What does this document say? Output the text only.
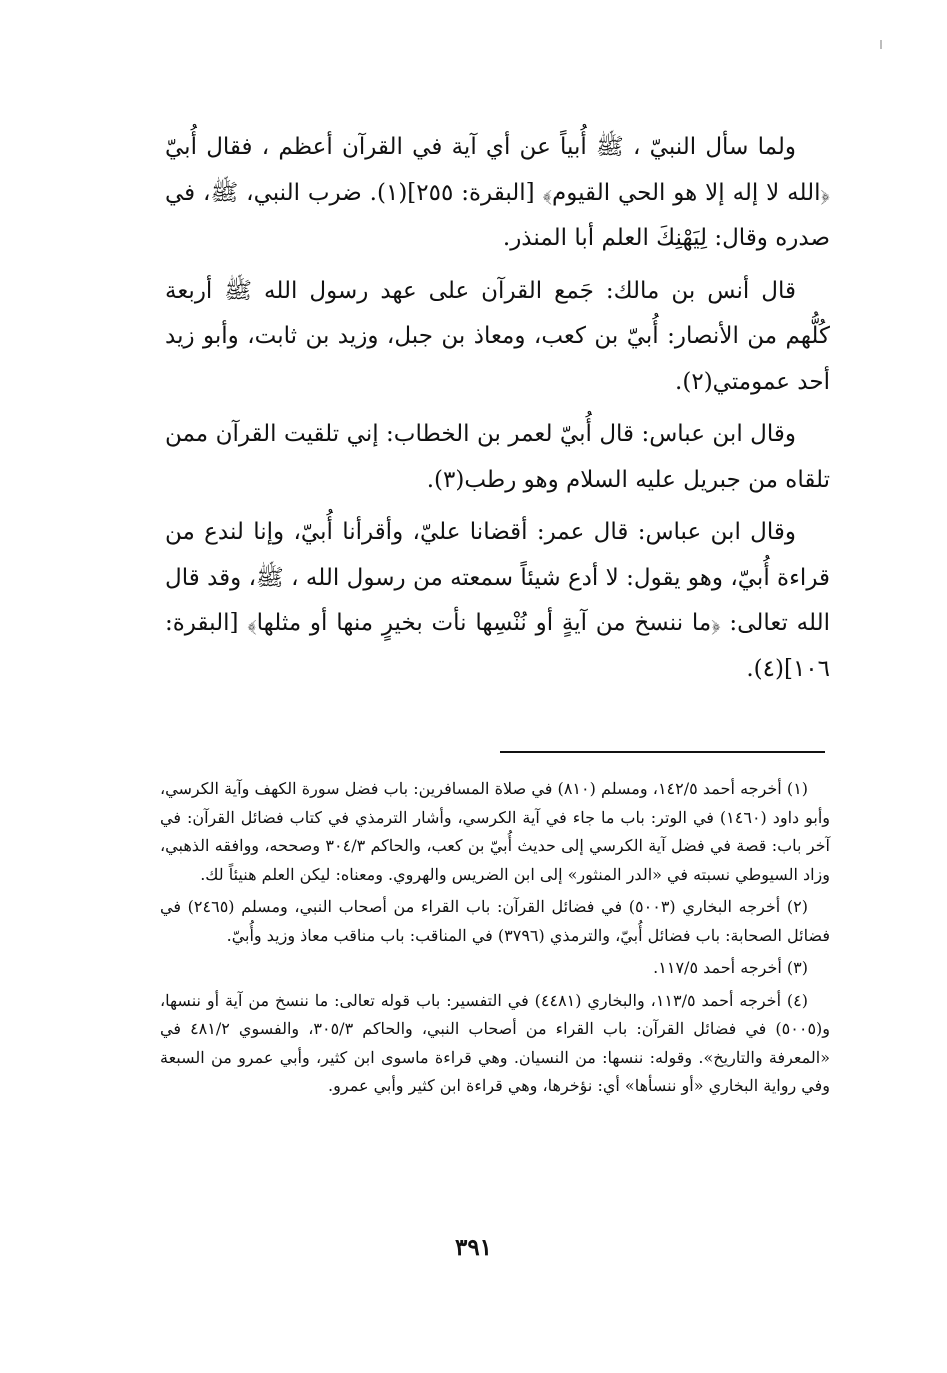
ولما سأل النبيّ ، ﷺ أُبياً عن أي آية في القرآن أعظم ، فقال أُبيّ ﴿الله لا إله إلا هو الحي القيوم﴾ [البقرة: ٢٥٥](١). ضرب النبي، ﷺ، في صدره وقال: لِيَهْنِكَ العلم أبا المنذر.

قال أنس بن مالك: جَمع القرآن على عهد رسول الله ﷺ أربعة كُلُّهم من الأنصار: أُبيّ بن كعب، ومعاذ بن جبل، وزيد بن ثابت، وأبو زيد أحد عمومتي(٢).

وقال ابن عباس: قال أُبيّ لعمر بن الخطاب: إني تلقيت القرآن ممن تلقاه من جبريل عليه السلام وهو رطب(٣).

وقال ابن عباس: قال عمر: أقضانا عليّ، وأقرأنا أُبيّ، وإنا لندع من قراءة أُبيّ، وهو يقول: لا أدع شيئاً سمعته من رسول الله ، ﷺ، وقد قال الله تعالى: ﴿ما ننسخ من آيةٍ أو نُنْسِها نأت بخيرٍ منها أو مثلها﴾ [البقرة: ١٠٦](٤).

(١) أخرجه أحمد ١٤٢/٥، ومسلم (٨١٠) في صلاة المسافرين: باب فضل سورة الكهف وآية الكرسي، وأبو داود (١٤٦٠) في الوتر: باب ما جاء في آية الكرسي، وأشار الترمذي في كتاب فضائل القرآن: في آخر باب: قصة في فضل آية الكرسي إلى حديث أُبيّ بن كعب، والحاكم ٣٠٤/٣ وصححه، ووافقه الذهبي، وزاد السيوطي نسبته في «الدر المنثور» إلى ابن الضريس والهروي. ومعناه: ليكن العلم هنيئاً لك.

(٢) أخرجه البخاري (٥٠٠٣) في فضائل القرآن: باب القراء من أصحاب النبي، ومسلم (٢٤٦٥) في فضائل الصحابة: باب فضائل أُبيّ، والترمذي (٣٧٩٦) في المناقب: باب مناقب معاذ وزيد وأُبيّ.

(٣) أخرجه أحمد ١١٧/٥.

(٤) أخرجه أحمد ١١٣/٥، والبخاري (٤٤٨١) في التفسير: باب قوله تعالى: ما ننسخ من آية أو ننسها، و(٥٠٠٥) في فضائل القرآن: باب القراء من أصحاب النبي، والحاكم ٣٠٥/٣، والفسوي ٤٨١/٢ في «المعرفة والتاريخ». وقوله: ننسها: من النسيان. وهي قراءة ماسوى ابن كثير، وأبي عمرو من السبعة وفي رواية البخاري «أو ننسأها» أي: نؤخرها، وهي قراءة ابن كثير وأبي عمرو.

٣٩١
